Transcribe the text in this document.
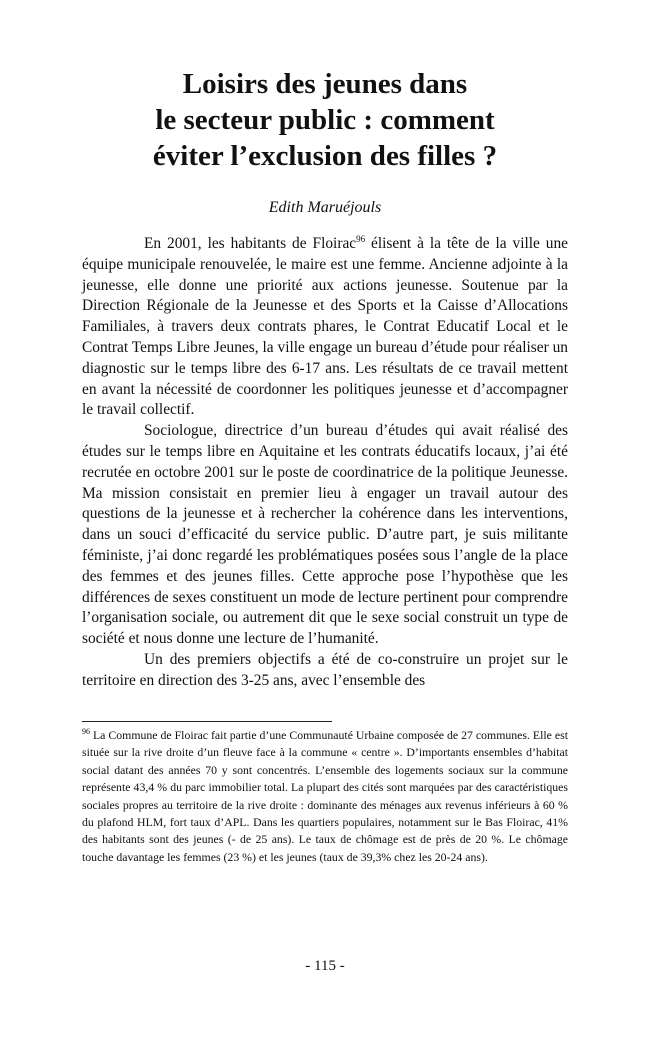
Loisirs des jeunes dans
le secteur public : comment
éviter l’exclusion des filles ?
Edith Maruéjouls

En 2001, les habitants de Floirac$^{96}$ élisent à la tête de la ville une équipe municipale renouvelée, le maire est une femme. Ancienne adjointe à la jeunesse, elle donne une priorité aux actions jeunesse. Soutenue par la Direction Régionale de la Jeunesse et des Sports et la Caisse d’Allocations Familiales, à travers deux contrats phares, le Contrat Educatif Local et le Contrat Temps Libre Jeunes, la ville engage un bureau d’étude pour réaliser un diagnostic sur le temps libre des 6-17 ans. Les résultats de ce travail mettent en avant la nécessité de coordonner les politiques jeunesse et d’accompagner le travail collectif.

Sociologue, directrice d’un bureau d’études qui avait réalisé des études sur le temps libre en Aquitaine et les contrats éducatifs locaux, j’ai été recrutée en octobre 2001 sur le poste de coordinatrice de la politique Jeunesse. Ma mission consistait en premier lieu à engager un travail autour des questions de la jeunesse et à rechercher la cohérence dans les interventions, dans un souci d’efficacité du service public. D’autre part, je suis militante féministe, j’ai donc regardé les problématiques posées sous l’angle de la place des femmes et des jeunes filles. Cette approche pose l’hypothèse que les différences de sexes constituent un mode de lecture pertinent pour comprendre l’organisation sociale, ou autrement dit que le sexe social construit un type de société et nous donne une lecture de l’humanité.

Un des premiers objectifs a été de co-construire un projet sur le territoire en direction des 3-25 ans, avec l’ensemble des

$^{96}$ La Commune de Floirac fait partie d’une Communauté Urbaine composée de 27 communes. Elle est située sur la rive droite d’un fleuve face à la commune « centre ». D’importants ensembles d’habitat social datant des années 70 y sont concentrés. L’ensemble des logements sociaux sur la commune représente 43,4 % du parc immobilier total. La plupart des cités sont marquées par des caractéristiques sociales propres au territoire de la rive droite : dominante des ménages aux revenus inférieurs à 60 % du plafond HLM, fort taux d’APL. Dans les quartiers populaires, notamment sur le Bas Floirac, 41% des habitants sont des jeunes (- de 25 ans). Le taux de chômage est de près de 20 %. Le chômage touche davantage les femmes (23 %) et les jeunes (taux de 39,3% chez les 20-24 ans).
- 115 -
